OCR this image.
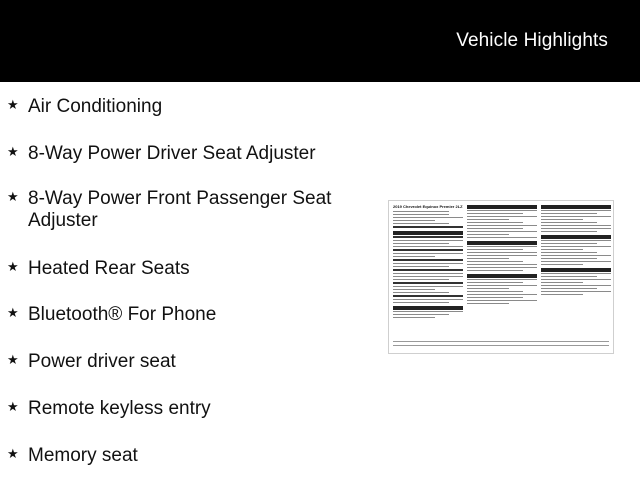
Vehicle Highlights
★ Air Conditioning
★ 8-Way Power Driver Seat Adjuster
★ 8-Way Power Front Passenger Seat Adjuster
★ Heated Rear Seats
★ Bluetooth® For Phone
★ Power driver seat
★ Remote keyless entry
★ Memory seat
2019 Chevrolet Equinox Premier 2LZ
